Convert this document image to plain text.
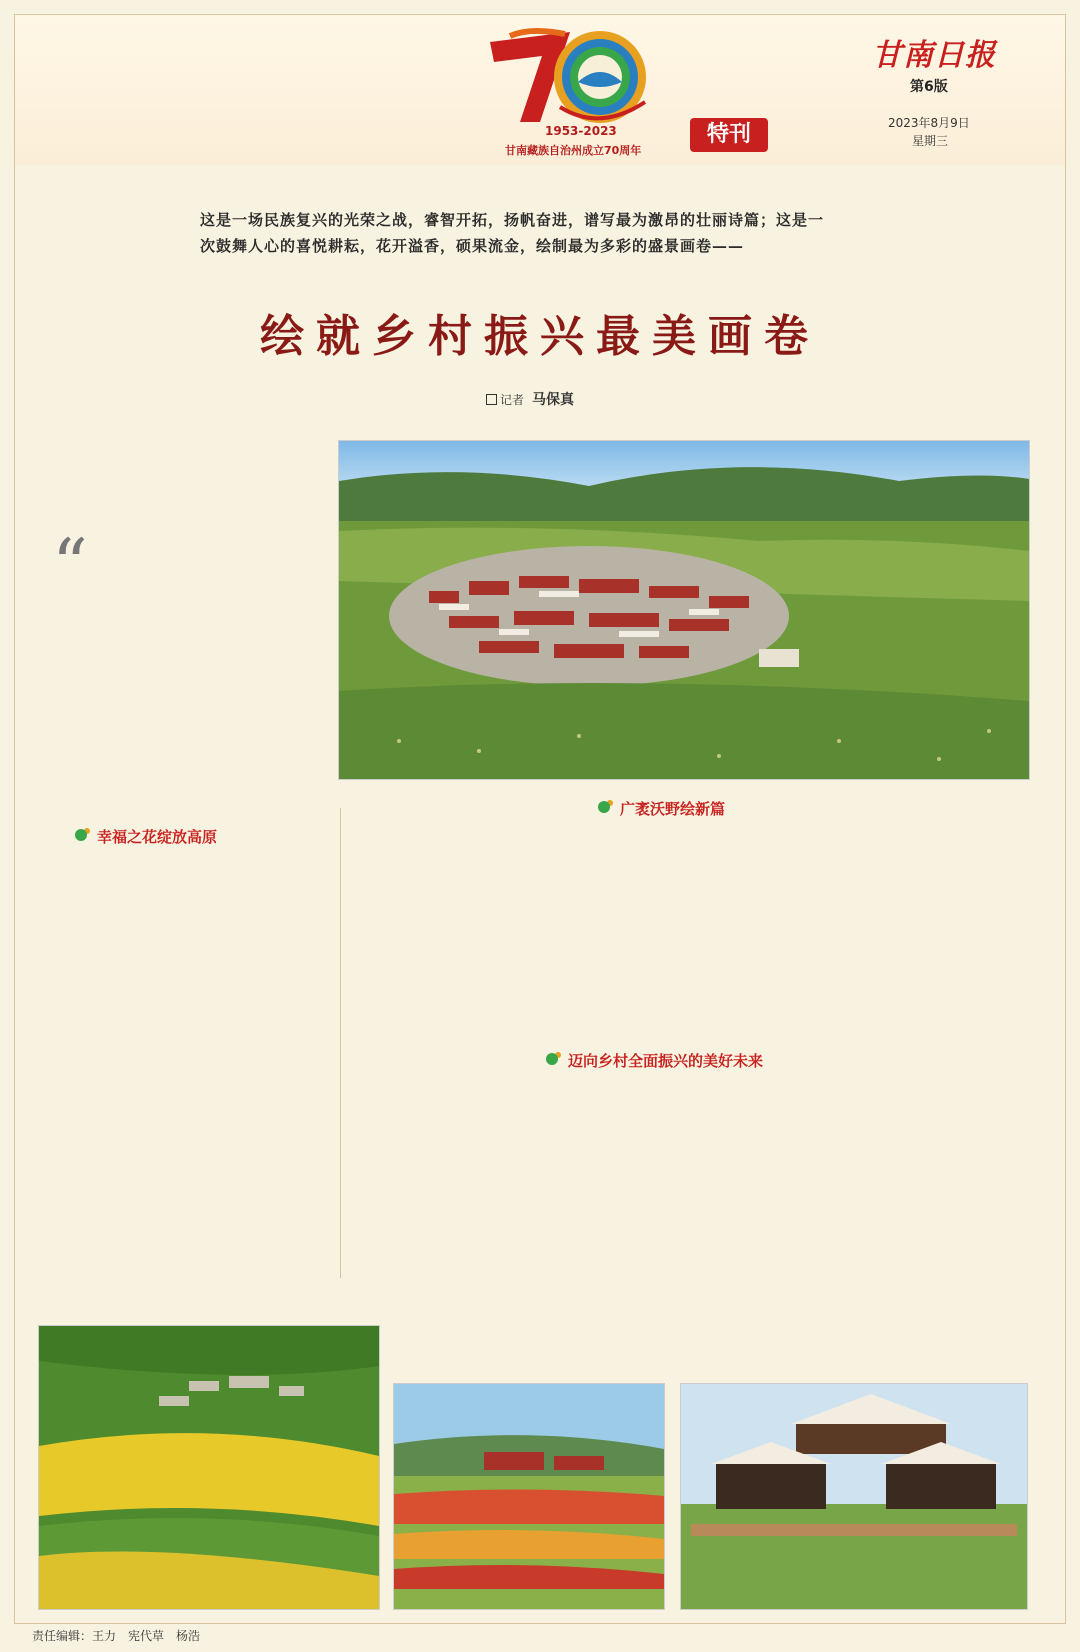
1953-2023
甘南藏族自治州成立70周年
特刊
甘南日报
第6版
2023年8月9日
星期三
这是一场民族复兴的光荣之战，睿智开拓，扬帆奋进，谱写最为激昂的壮丽诗篇；这是一
次鼓舞人心的喜悦耕耘，花开溢香，硕果流金，绘制最为多彩的盛景画卷——
绘就乡村振兴最美画卷
记者 马保真
“

幸福之花绽放高原

广袤沃野绘新篇
迈向乡村全面振兴的美好未来
责任编辑：王力　宪代草　杨浩
